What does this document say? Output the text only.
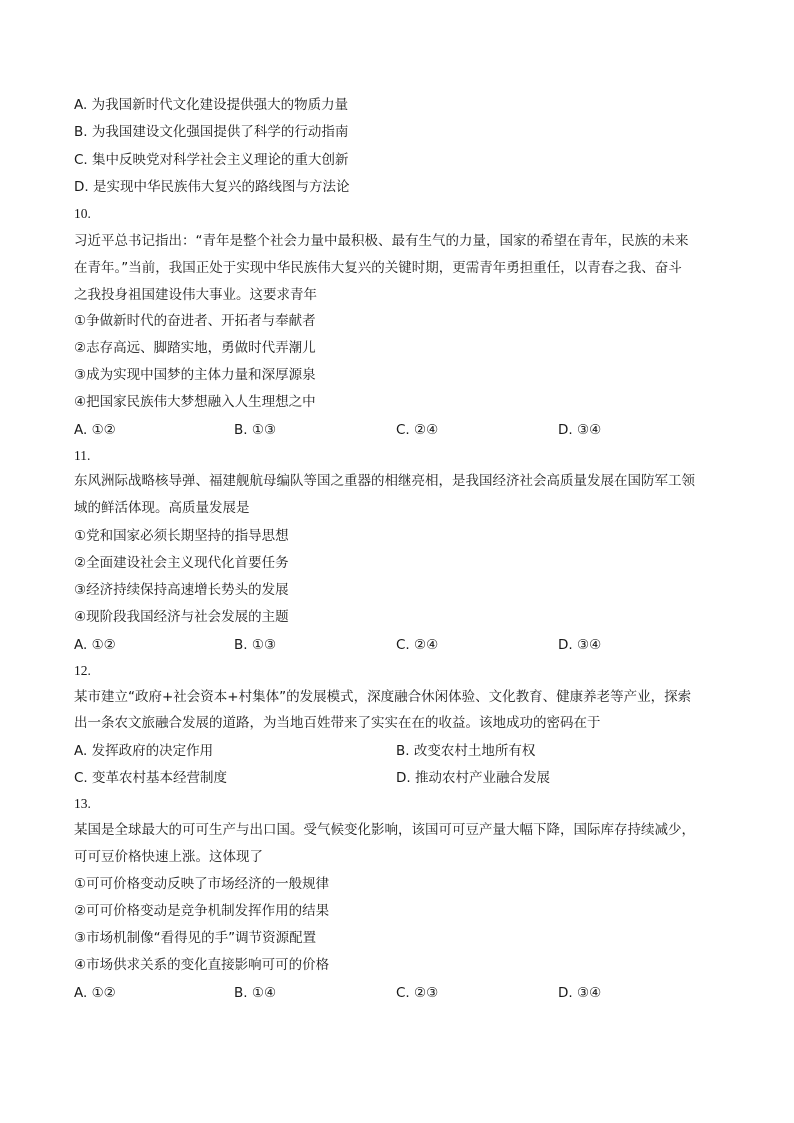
A. 为我国新时代文化建设提供强大的物质力量

B. 为我国建设文化强国提供了科学的行动指南

C. 集中反映党对科学社会主义理论的重大创新

D. 是实现中华民族伟大复兴的路线图与方法论

10.

习近平总书记指出：“青年是整个社会力量中最积极、最有生气的力量，国家的希望在青年，民族的未来

在青年。”当前，我国正处于实现中华民族伟大复兴的关键时期，更需青年勇担重任，以青春之我、奋斗

之我投身祖国建设伟大事业。这要求青年

①争做新时代的奋进者、开拓者与奉献者

②志存高远、脚踏实地，勇做时代弄潮儿

③成为实现中国梦的主体力量和深厚源泉

④把国家民族伟大梦想融入人生理想之中

A. ①②	B. ①③	C. ②④	D. ③④

11.

东风洲际战略核导弹、福建舰航母编队等国之重器的相继亮相，是我国经济社会高质量发展在国防军工领

域的鲜活体现。高质量发展是

①党和国家必须长期坚持的指导思想

②全面建设社会主义现代化首要任务

③经济持续保持高速增长势头的发展

④现阶段我国经济与社会发展的主题

A. ①②	B. ①③	C. ②④	D. ③④

12.

某市建立“政府+社会资本+村集体”的发展模式，深度融合休闲体验、文化教育、健康养老等产业，探索

出一条农文旅融合发展的道路，为当地百姓带来了实实在在的收益。该地成功的密码在于

A. 发挥政府的决定作用	B. 改变农村土地所有权

C. 变革农村基本经营制度	D. 推动农村产业融合发展

13.

某国是全球最大的可可生产与出口国。受气候变化影响，该国可可豆产量大幅下降，国际库存持续减少，

可可豆价格快速上涨。这体现了

①可可价格变动反映了市场经济的一般规律

②可可价格变动是竞争机制发挥作用的结果

③市场机制像“看得见的手”调节资源配置

④市场供求关系的变化直接影响可可的价格

A. ①②	B. ①④	C. ②③	D. ③④
